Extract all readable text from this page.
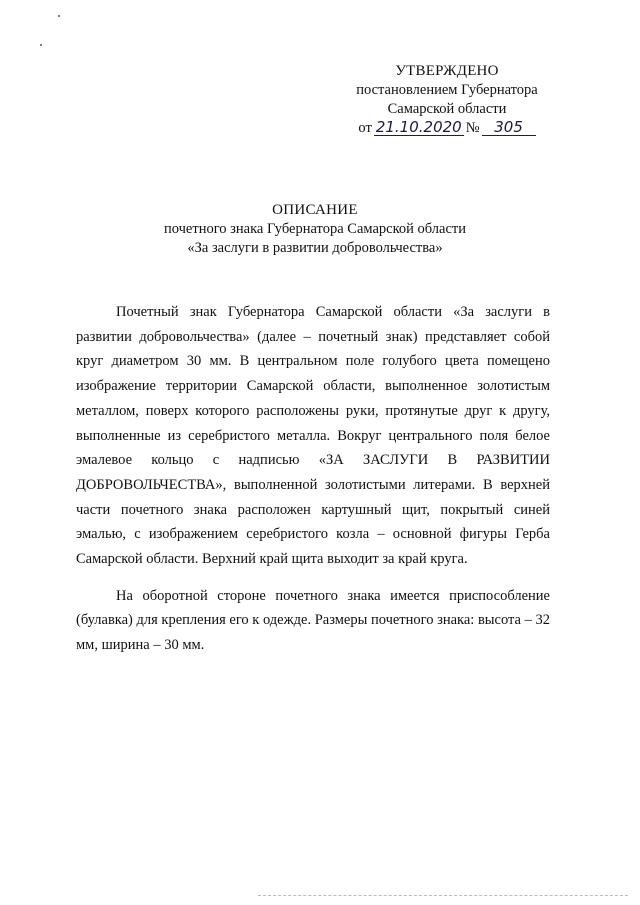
УТВЕРЖДЕНО
постановлением Губернатора
Самарской области
от 21.10.2020 № 305
ОПИСАНИЕ
почетного знака Губернатора Самарской области
«За заслуги в развитии добровольчества»

Почетный знак Губернатора Самарской области «За заслуги в развитии добровольчества» (далее – почетный знак) представляет собой круг диаметром 30 мм. В центральном поле голубого цвета помещено изображение территории Самарской области, выполненное золотистым металлом, поверх которого расположены руки, протянутые друг к другу, выполненные из серебристого металла. Вокруг центрального поля белое эмалевое кольцо с надписью «ЗА ЗАСЛУГИ В РАЗВИТИИ ДОБРОВОЛЬЧЕСТВА», выполненной золотистыми литерами. В верхней части почетного знака расположен картушный щит, покрытый синей эмалью, с изображением серебристого козла – основной фигуры Герба Самарской области. Верхний край щита выходит за край круга.

На оборотной стороне почетного знака имеется приспособление (булавка) для крепления его к одежде. Размеры почетного знака: высота – 32 мм, ширина – 30 мм.
